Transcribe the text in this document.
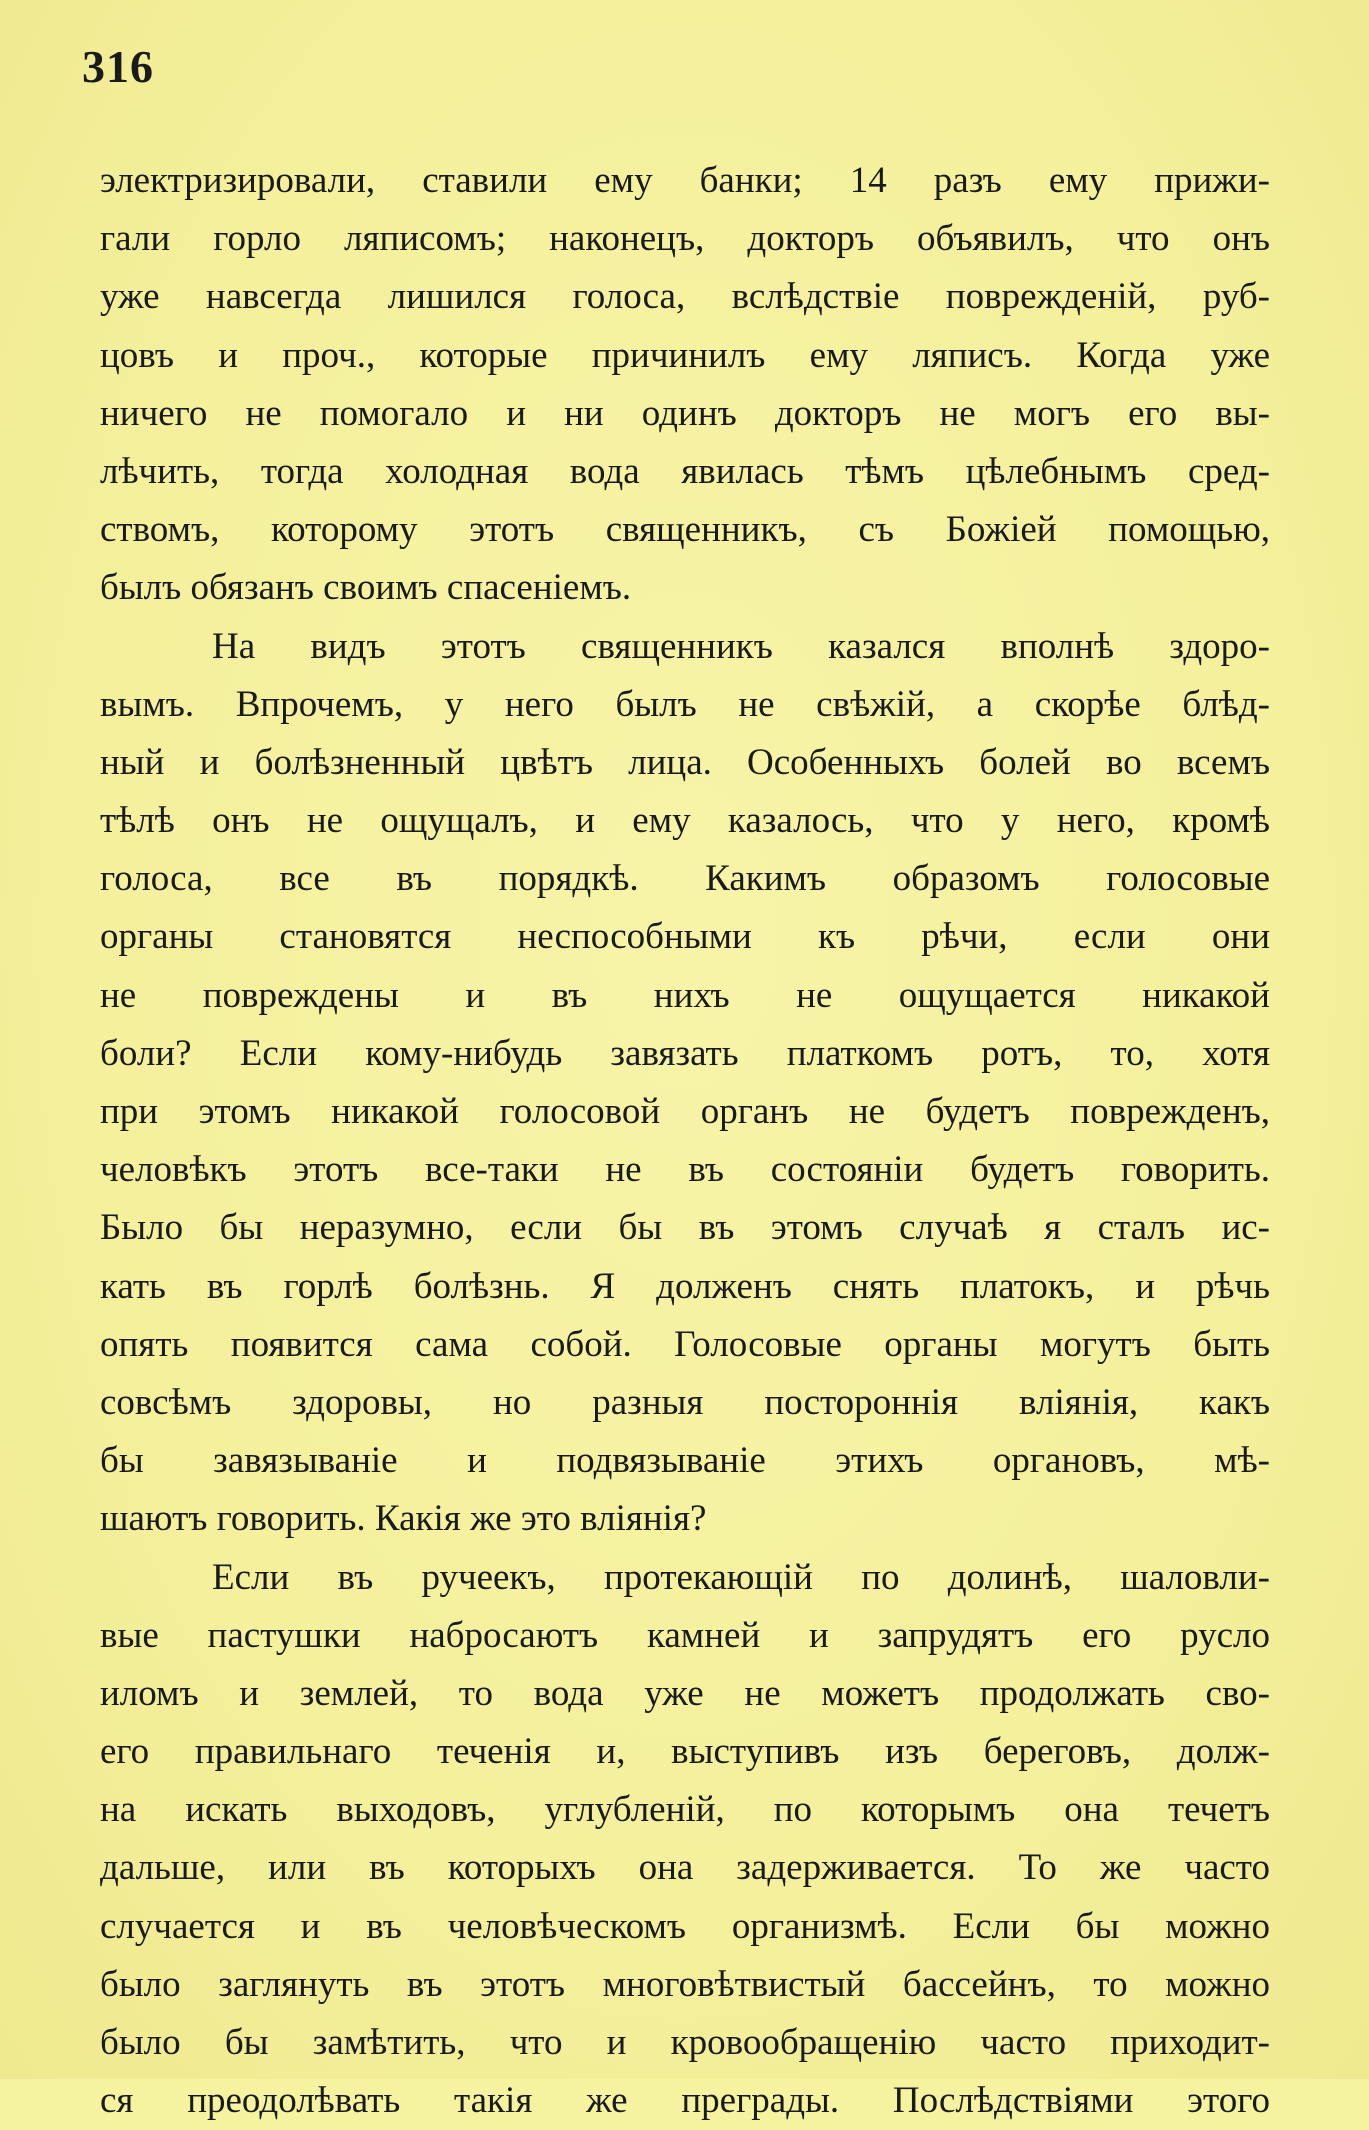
316
электризировали, ставили ему банки; 14 разъ ему прижи-
гали горло ляписомъ; наконецъ, докторъ объявилъ, что онъ
уже навсегда лишился голоса, вслѣдствіе поврежденій, руб-
цовъ и проч., которые причинилъ ему ляписъ. Когда уже
ничего не помогало и ни одинъ докторъ не могъ его вы-
лѣчить, тогда холодная вода явилась тѣмъ цѣлебнымъ сред-
ствомъ, которому этотъ священникъ, съ Божіей помощью,
былъ обязанъ своимъ спасеніемъ.
На видъ этотъ священникъ казался вполнѣ здоро-
вымъ. Впрочемъ, у него былъ не свѣжій, а скорѣе блѣд-
ный и болѣзненный цвѣтъ лица. Особенныхъ болей во всемъ
тѣлѣ онъ не ощущалъ, и ему казалось, что у него, кромѣ
голоса, все въ порядкѣ. Какимъ образомъ голосовые
органы становятся неспособными къ рѣчи, если они
не повреждены и въ нихъ не ощущается никакой
боли? Если кому-нибудь завязать платкомъ ротъ, то, хотя
при этомъ никакой голосовой органъ не будетъ поврежденъ,
человѣкъ этотъ все-таки не въ состояніи будетъ говорить.
Было бы неразумно, если бы въ этомъ случаѣ я сталъ ис-
кать въ горлѣ болѣзнь. Я долженъ снять платокъ, и рѣчь
опять появится сама собой. Голосовые органы могутъ быть
совсѣмъ здоровы, но разныя постороннія вліянія, какъ
бы завязываніе и подвязываніе этихъ органовъ, мѣ-
шаютъ говорить. Какія же это вліянія?
Если въ ручеекъ, протекающій по долинѣ, шаловли-
вые пастушки набросаютъ камней и запрудятъ его русло
иломъ и землей, то вода уже не можетъ продолжать сво-
его правильнаго теченія и, выступивъ изъ береговъ, долж-
на искать выходовъ, углубленій, по которымъ она течетъ
дальше, или въ которыхъ она задерживается. То же часто
случается и въ человѣческомъ организмѣ. Если бы можно
было заглянуть въ этотъ многовѣтвистый бассейнъ, то можно
было бы замѣтить, что и кровообращенію часто приходит-
ся преодолѣвать такія же преграды. Послѣдствіями этого
